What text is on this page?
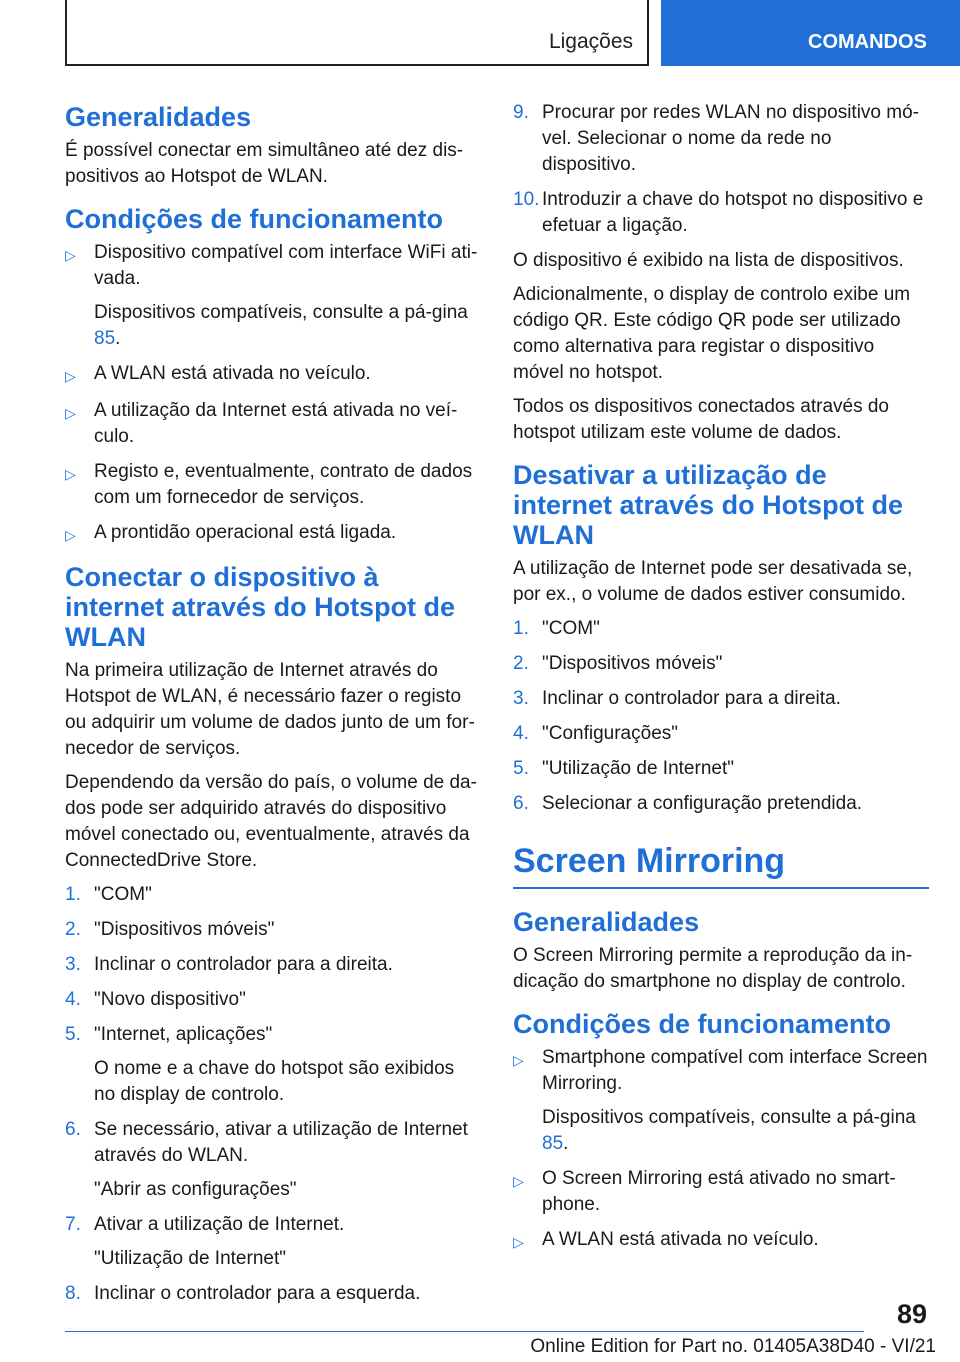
Ligações	COMANDOS
Generalidades

É possível conectar em simultâneo até dez dis-positivos ao Hotspot de WLAN.

Condições de funcionamento
▷ Dispositivo compatível com interface WiFi ati-vada.

Dispositivos compatíveis, consulte a pá-gina 85.

▷ A WLAN está ativada no veículo.

▷ A utilização da Internet está ativada no veí-culo.

▷ Registo e, eventualmente, contrato de dados com um fornecedor de serviços.

▷ A prontidão operacional está ligada.

Conectar o dispositivo à internet através do Hotspot de WLAN

Na primeira utilização de Internet através do Hotspot de WLAN, é necessário fazer o registo ou adquirir um volume de dados junto de um for-necedor de serviços.

Dependendo da versão do país, o volume de da-dos pode ser adquirido através do dispositivo móvel conectado ou, eventualmente, através da ConnectedDrive Store.

1. "COM"

2. "Dispositivos móveis"

3. Inclinar o controlador para a direita.

4. "Novo dispositivo"

5. "Internet, aplicações"

O nome e a chave do hotspot são exibidos no display de controlo.

6. Se necessário, ativar a utilização de Internet através do WLAN.

"Abrir as configurações"

7. Ativar a utilização de Internet.

"Utilização de Internet"

8. Inclinar o controlador para a esquerda.

9. Procurar por redes WLAN no dispositivo mó-vel. Selecionar o nome da rede no dispositivo.

10. Introduzir a chave do hotspot no dispositivo e efetuar a ligação.

O dispositivo é exibido na lista de dispositivos.

Adicionalmente, o display de controlo exibe um código QR. Este código QR pode ser utilizado como alternativa para registar o dispositivo móvel no hotspot.

Todos os dispositivos conectados através do hotspot utilizam este volume de dados.

Desativar a utilização de internet através do Hotspot de WLAN

A utilização de Internet pode ser desativada se, por ex., o volume de dados estiver consumido.

1. "COM"

2. "Dispositivos móveis"

3. Inclinar o controlador para a direita.

4. "Configurações"

5. "Utilização de Internet"

6. Selecionar a configuração pretendida.

Screen Mirroring
Generalidades

O Screen Mirroring permite a reprodução da in-dicação do smartphone no display de controlo.

Condições de funcionamento
▷ Smartphone compatível com interface Screen Mirroring.

Dispositivos compatíveis, consulte a pá-gina 85.

▷ O Screen Mirroring está ativado no smart-phone.

▷ A WLAN está ativada no veículo.

89
Online Edition for Part no. 01405A38D40 - VI/21
